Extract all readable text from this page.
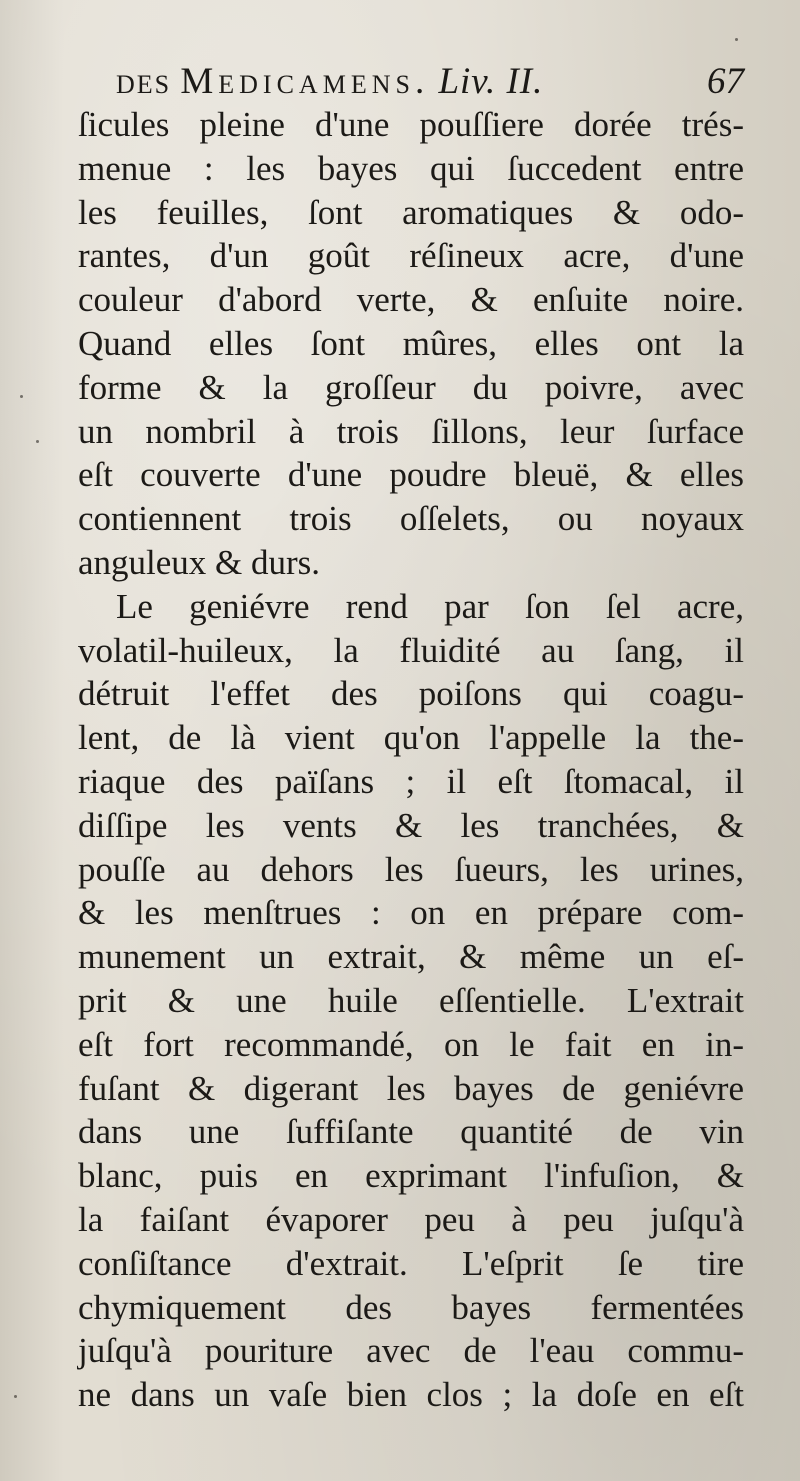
des Medicamens. Liv. II.	67
ſicules pleine d'une pouſſiere dorée trés-
menue : les bayes qui ſuccedent entre
les feuilles, ſont aromatiques & odo-
rantes, d'un goût réſineux acre, d'une
couleur d'abord verte, & enſuite noire.
Quand elles ſont mûres, elles ont la
forme & la groſſeur du poivre, avec
un nombril à trois ſillons, leur ſurface
eſt couverte d'une poudre bleuë, & elles
contiennent trois oſſelets, ou noyaux
anguleux & durs.
Le geniévre rend par ſon ſel acre,
volatil-huileux, la fluidité au ſang, il
détruit l'effet des poiſons qui coagu-
lent, de là vient qu'on l'appelle la the-
riaque des païſans ; il eſt ſtomacal, il
diſſipe les vents & les tranchées, &
pouſſe au dehors les ſueurs, les urines,
& les menſtrues : on en prépare com-
munement un extrait, & même un eſ-
prit & une huile eſſentielle. L'extrait
eſt fort recommandé, on le fait en in-
fuſant & digerant les bayes de geniévre
dans une ſuffiſante quantité de vin
blanc, puis en exprimant l'infuſion, &
la faiſant évaporer peu à peu juſqu'à
conſiſtance d'extrait. L'eſprit ſe tire
chymiquement des bayes fermentées
juſqu'à pouriture avec de l'eau commu-
ne dans un vaſe bien clos ; la doſe en eſt
